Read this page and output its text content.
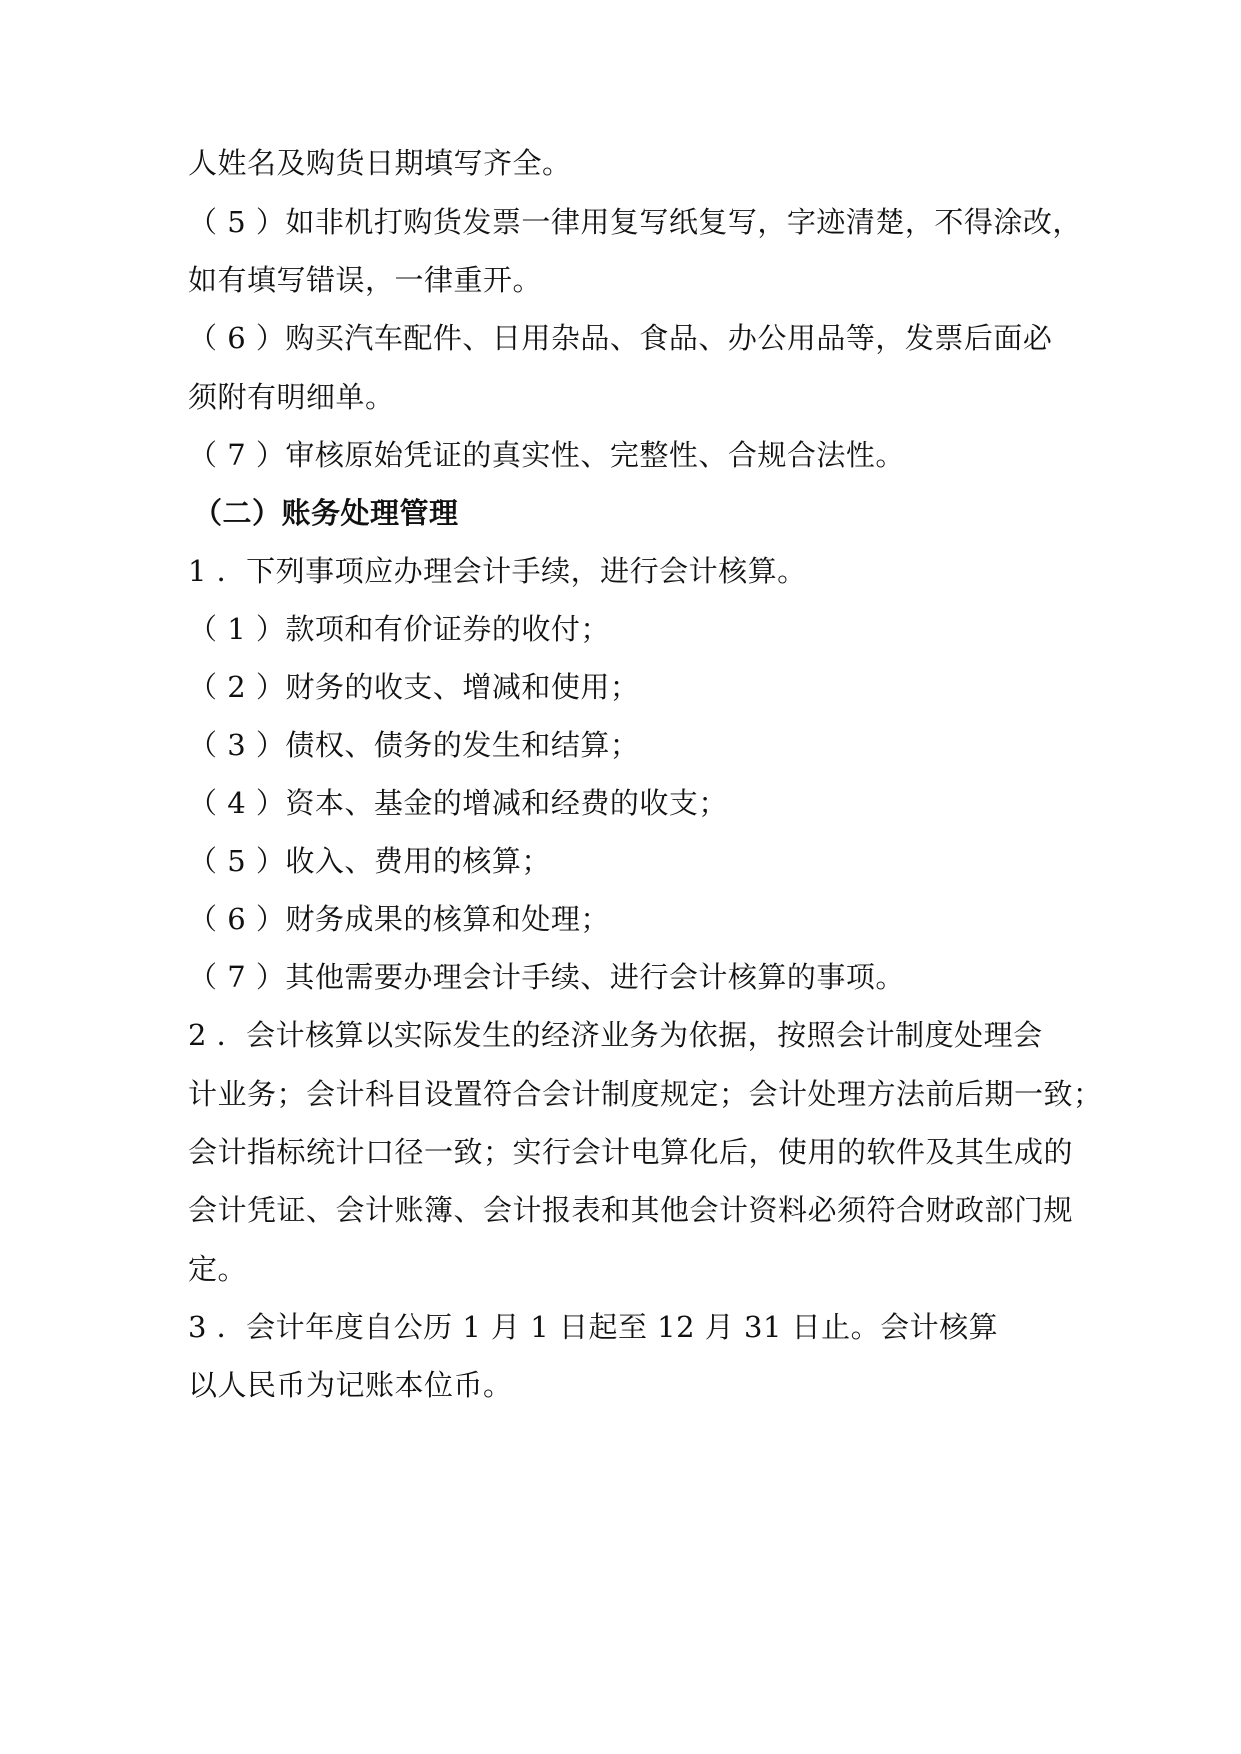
人姓名及购货日期填写齐全。
（ 5 ）如非机打购货发票一律用复写纸复写，字迹清楚，不得涂改，
如有填写错误，一律重开。
（ 6 ）购买汽车配件、日用杂品、食品、办公用品等，发票后面必
须附有明细单。
（ 7 ）审核原始凭证的真实性、完整性、合规合法性。
（二）账务处理管理
1 ．下列事项应办理会计手续，进行会计核算。
（ 1 ）款项和有价证券的收付；
（ 2 ）财务的收支、增减和使用；
（ 3 ）债权、债务的发生和结算；
（ 4 ）资本、基金的增减和经费的收支；
（ 5 ）收入、费用的核算；
（ 6 ）财务成果的核算和处理；
（ 7 ）其他需要办理会计手续、进行会计核算的事项。
2 ．会计核算以实际发生的经济业务为依据，按照会计制度处理会
计业务；会计科目设置符合会计制度规定；会计处理方法前后期一致；
会计指标统计口径一致；实行会计电算化后，使用的软件及其生成的
会计凭证、会计账簿、会计报表和其他会计资料必须符合财政部门规
定。
3 ．会计年度自公历 1 月 1 日起至 12 月 31 日止。会计核算
以人民币为记账本位币。
